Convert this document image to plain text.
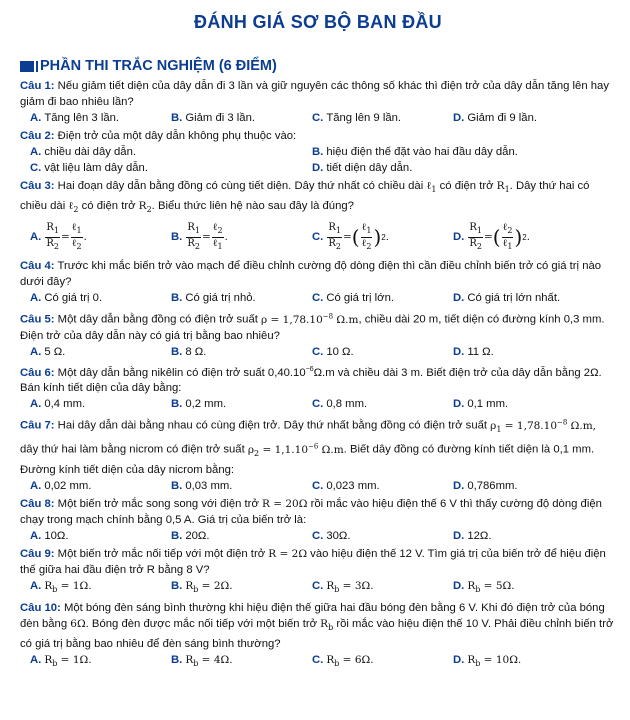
ĐÁNH GIÁ SƠ BỘ BAN ĐẦU
PHẦN THI TRẮC NGHIỆM (6 ĐIỂM)
Câu 1: Nếu giảm tiết diện của dây dẫn đi 3 lần và giữ nguyên các thông số khác thì điện trở của dây dẫn tăng lên hay giảm đi bao nhiêu lần?
A. Tăng lên 3 lần.	B. Giảm đi 3 lần.	C. Tăng lên 9 lần.	D. Giảm đi 9 lần.
Câu 2: Điện trở của một dây dẫn không phụ thuộc vào:
A. chiều dài dây dẫn.	B. hiệu điện thế đặt vào hai đầu dây dẫn.
C. vật liệu làm dây dẫn.	D. tiết diện dây dẫn.
Câu 3: Hai đoạn dây dẫn bằng đồng có cùng tiết diện. Dây thứ nhất có chiều dài ℓ$_1$ có điện trở $R_1$. Dây thứ hai có chiều dài ℓ$_2$ có điện trở $R_2$. Biểu thức liên hệ nào sau đây là đúng?
A. $\frac{R_1}{R_2} = \frac{\ell_1}{\ell_2}$ .	B. $\frac{R_1}{R_2} = \frac{\ell_2}{\ell_1}$ .	C. $\frac{R_1}{R_2}$ = ( $\frac{\ell_1}{\ell_2}$ ) 2 .	D. $\frac{R_1}{R_2}$ = ( $\frac{\ell_2}{\ell_1}$ ) 2 .
Câu 4: Trước khi mắc biến trở vào mạch để điều chỉnh cường độ dòng điện thì cần điều chỉnh biến trở có giá trị nào dưới đây?
A. Có giá trị 0.	B. Có giá trị nhỏ.	C. Có giá trị lớn.	D. Có giá trị lớn nhất.
Câu 5: Một dây dẫn bằng đồng có điện trở suất $\rho = 1,78.10^{-8}$ Ω.m, chiều dài 20 m, tiết diện có đường kính 0,3 mm. Điện trở của dây dẫn này có giá trị bằng bao nhiêu?
A. 5 Ω.	B. 8 Ω.	C. 10 Ω.	D. 11 Ω.
Câu 6: Một dây dẫn bằng nikêlin có điện trở suất $0,40.10^{-6}\Omega.m$ và chiều dài 3 m. Biết điện trở của dây dẫn bằng 2Ω. Bán kính tiết diện của dây bằng:
A. 0,4 mm.	B. 0,2 mm.	C. 0,8 mm.	D. 0,1 mm.
Câu 7: Hai dây dẫn dài bằng nhau có cùng điện trở. Dây thứ nhất bằng đồng có điện trở suất $\rho_1 = 1,78.10^{-8}$ Ω.m, dây thứ hai làm bằng nicrom có điện trở suất $\rho_2 = 1,1.10^{-6}$ Ω.m. Biết dây đồng có đường kính tiết diện là 0,1 mm. Đường kính tiết diện của dây nicrom bằng:
A. 0,02 mm.	B. 0,03 mm.	C. 0,023 mm.	D. 0,786mm.
Câu 8: Một biến trở mắc song song với điện trở R = 20Ω rồi mắc vào hiệu điện thế 6 V thì thấy cường độ dòng điện chạy trong mạch chính bằng 0,5 A. Giá trị của biến trở là:
A. 10Ω.	B. 20Ω.	C. 30Ω.	D. 12Ω.
Câu 9: Một biến trở mắc nối tiếp với một điện trở R = 2Ω vào hiệu điện thế 12 V. Tìm giá trị của biến trở để hiệu điện thế giữa hai đầu điện trở R bằng 8 V?
A. $R_b = 1\Omega$.	B. $R_b = 2\Omega$.	C. $R_b = 3\Omega$.	D. $R_b = 5\Omega$.
Câu 10: Một bóng đèn sáng bình thường khi hiệu điện thế giữa hai đầu bóng đèn bằng 6 V. Khi đó điện trở của bóng đèn bằng 6Ω. Bóng đèn được mắc nối tiếp với một biến trở $R_b$ rồi mắc vào hiệu điện thế 10 V. Phải điều chỉnh biến trở có giá trị bằng bao nhiêu để đèn sáng bình thường?
A. $R_b = 1\Omega$.	B. $R_b = 4\Omega$.	C. $R_b = 6\Omega$.	D. $R_b = 10\Omega$.
